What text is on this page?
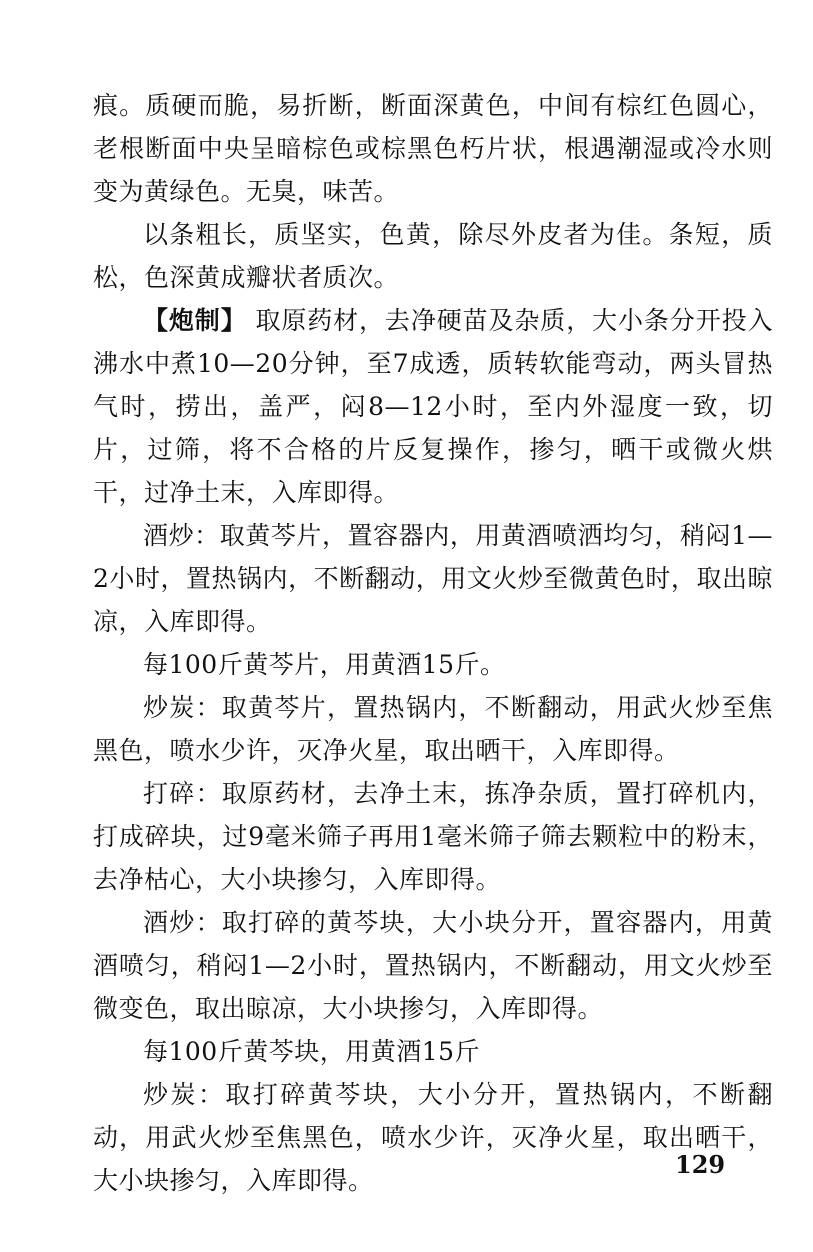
痕。质硬而脆，易折断，断面深黄色，中间有棕红色圆心，老根断面中央呈暗棕色或棕黑色朽片状，根遇潮湿或冷水则变为黄绿色。无臭，味苦。

以条粗长，质坚实，色黄，除尽外皮者为佳。条短，质松，色深黄成瓣状者质次。

【炮制】 取原药材，去净硬苗及杂质，大小条分开投入沸水中煮10—20分钟，至7成透，质转软能弯动，两头冒热气时，捞出，盖严，闷8—12小时，至内外湿度一致，切片，过筛，将不合格的片反复操作，掺匀，晒干或微火烘干，过净土末，入库即得。

酒炒：取黄芩片，置容器内，用黄酒喷洒均匀，稍闷1—2小时，置热锅内，不断翻动，用文火炒至微黄色时，取出晾凉，入库即得。

每100斤黄芩片，用黄酒15斤。

炒炭：取黄芩片，置热锅内，不断翻动，用武火炒至焦黑色，喷水少许，灭净火星，取出晒干，入库即得。

打碎：取原药材，去净土末，拣净杂质，置打碎机内，打成碎块，过9毫米筛子再用1毫米筛子筛去颗粒中的粉末，去净枯心，大小块掺匀，入库即得。

酒炒：取打碎的黄芩块，大小块分开，置容器内，用黄酒喷匀，稍闷1—2小时，置热锅内，不断翻动，用文火炒至微变色，取出晾凉，大小块掺匀，入库即得。

每100斤黄芩块，用黄酒15斤

炒炭：取打碎黄芩块，大小分开，置热锅内，不断翻动，用武火炒至焦黑色，喷水少许，灭净火星，取出晒干，大小块掺匀，入库即得。

129
